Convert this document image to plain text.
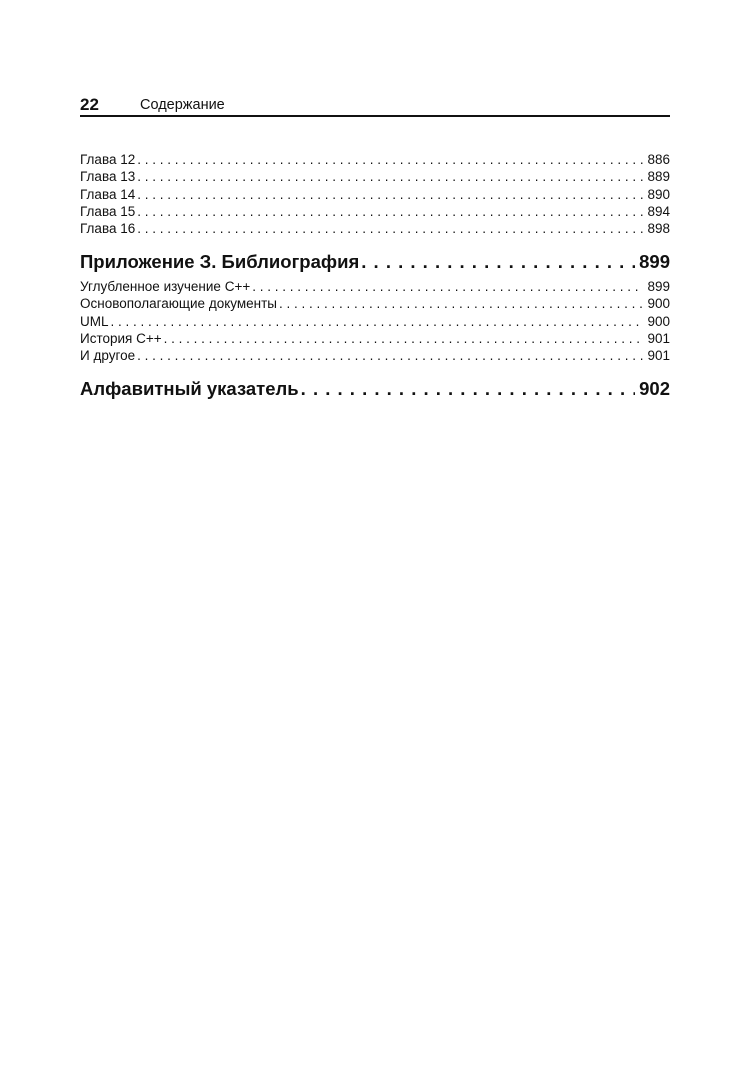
22	Содержание
Глава 12 . . .	886
Глава 13 . . .	889
Глава 14 . . .	890
Глава 15 . . .	894
Глава 16 . . .	898
Приложение З. Библиография . .	899
Углубленное изучение C++ . . .	899
Основополагающие документы . . .	900
UML . . .	900
История C++ . . .	901
И другое . . .	901
Алфавитный указатель . .	902
